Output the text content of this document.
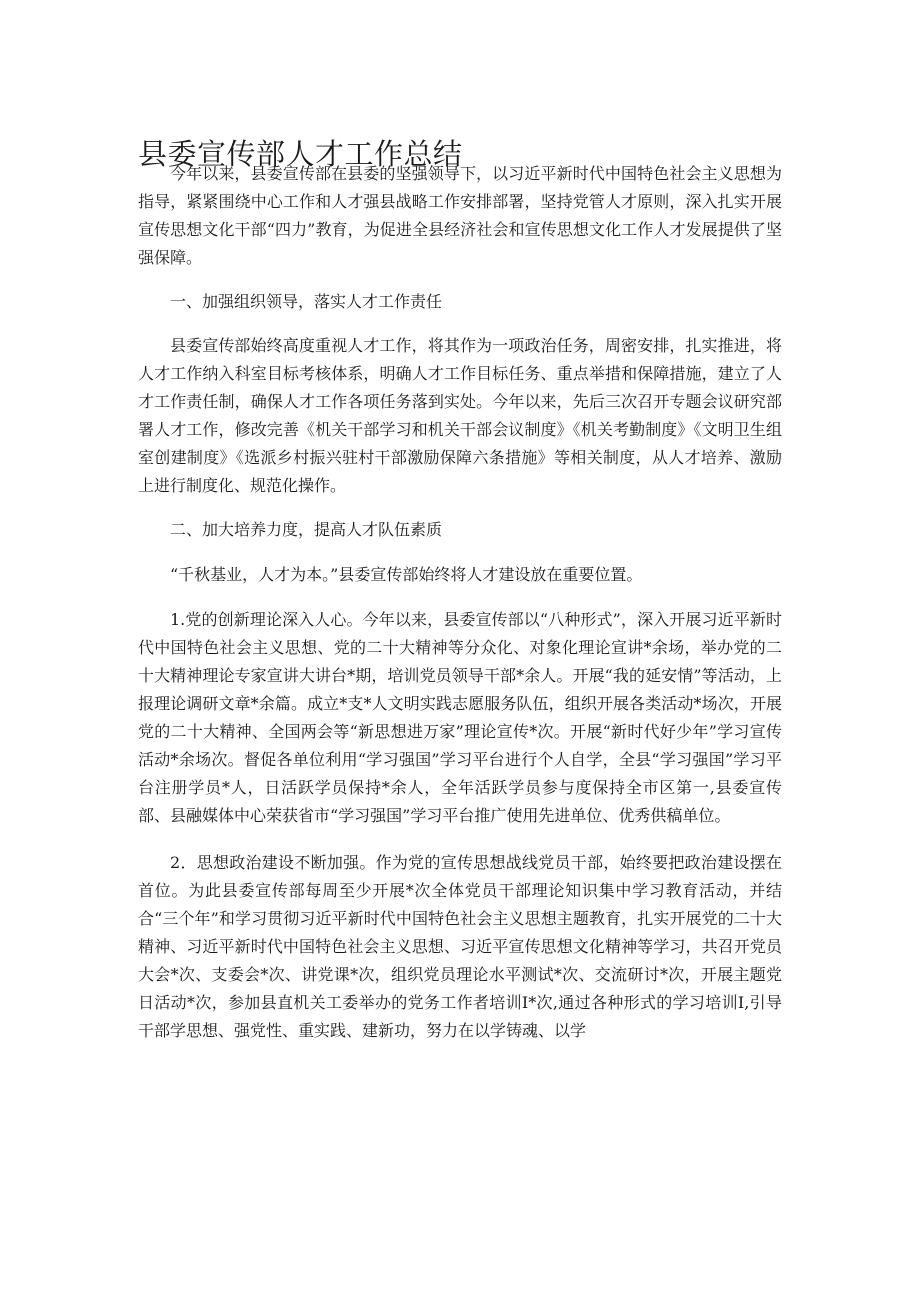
县委宣传部人才工作总结

今年以来，县委宣传部在县委的坚强领导下，以习近平新时代中国特色社会主义思想为指导，紧紧围绕中心工作和人才强县战略工作安排部署，坚持党管人才原则，深入扎实开展宣传思想文化干部“四力”教育，为促进全县经济社会和宣传思想文化工作人才发展提供了坚强保障。

一、加强组织领导，落实人才工作责任

县委宣传部始终高度重视人才工作，将其作为一项政治任务，周密安排，扎实推进，将人才工作纳入科室目标考核体系，明确人才工作目标任务、重点举措和保障措施，建立了人才工作责任制，确保人才工作各项任务落到实处。今年以来，先后三次召开专题会议研究部署人才工作，修改完善《机关干部学习和机关干部会议制度》《机关考勤制度》《文明卫生组室创建制度》《选派乡村振兴驻村干部激励保障六条措施》等相关制度，从人才培养、激励上进行制度化、规范化操作。

二、加大培养力度，提高人才队伍素质

“千秋基业，人才为本。”县委宣传部始终将人才建设放在重要位置。

1.党的创新理论深入人心。今年以来，县委宣传部以“八种形式”，深入开展习近平新时代中国特色社会主义思想、党的二十大精神等分众化、对象化理论宣讲*余场，举办党的二十大精神理论专家宣讲大讲台*期，培训党员领导干部*余人。开展“我的延安情”等活动，上报理论调研文章*余篇。成立*支*人文明实践志愿服务队伍，组织开展各类活动*场次，开展党的二十大精神、全国两会等“新思想进万家”理论宣传*次。开展“新时代好少年”学习宣传活动*余场次。督促各单位利用“学习强国”学习平台进行个人自学，全县“学习强国”学习平台注册学员*人，日活跃学员保持*余人，全年活跃学员参与度保持全市区第一,县委宣传部、县融媒体中心荣获省市“学习强国”学习平台推广使用先进单位、优秀供稿单位。

2．思想政治建设不断加强。作为党的宣传思想战线党员干部，始终要把政治建设摆在首位。为此县委宣传部每周至少开展*次全体党员干部理论知识集中学习教育活动，并结合“三个年”和学习贯彻习近平新时代中国特色社会主义思想主题教育，扎实开展党的二十大精神、习近平新时代中国特色社会主义思想、习近平宣传思想文化精神等学习，共召开党员大会*次、支委会*次、讲党课*次，组织党员理论水平测试*次、交流研讨*次，开展主题党日活动*次，参加县直机关工委举办的党务工作者培训I*次,通过各种形式的学习培训I,引导干部学思想、强党性、重实践、建新功，努力在以学铸魂、以学
